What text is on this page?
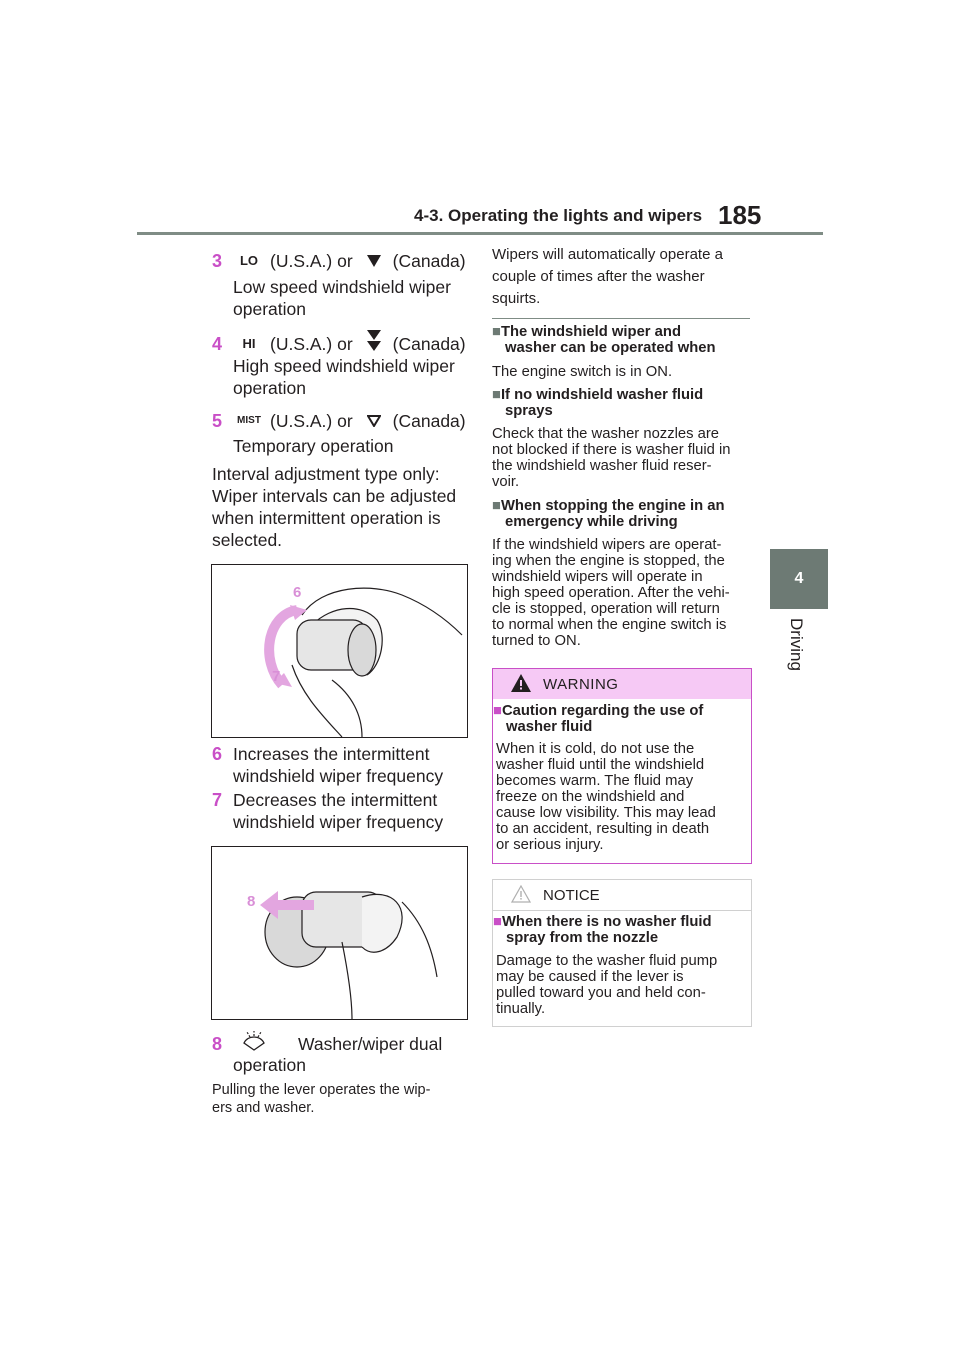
4-3. Operating the lights and wipers 185
4
Driving
3	LO (U.S.A.) or (Canada)
Low speed windshield wiper
operation
4	HI (U.S.A.) or (Canada)
High speed windshield wiper
operation
5	MIST (U.S.A.) or (Canada)
Temporary operation
Interval adjustment type only:
Wiper intervals can be adjusted
when intermittent operation is
selected.
6
7
6 Increases the intermittent
windshield wiper frequency
7 Decreases the intermittent
windshield wiper frequency
8
8	Washer/wiper dual
operation
Pulling the lever operates the wip-
ers and washer.
Wipers will automatically operate a
couple of times after the washer
squirts.
■The windshield wiper and
washer can be operated when
The engine switch is in ON.
■If no windshield washer fluid
sprays
Check that the washer nozzles are
not blocked if there is washer fluid in
the windshield washer fluid reser-
voir.
■When stopping the engine in an
emergency while driving
If the windshield wipers are operat-
ing when the engine is stopped, the
windshield wipers will operate in
high speed operation. After the vehi-
cle is stopped, operation will return
to normal when the engine switch is
turned to ON.
WARNING
■Caution regarding the use of
washer fluid
When it is cold, do not use the
washer fluid until the windshield
becomes warm. The fluid may
freeze on the windshield and
cause low visibility. This may lead
to an accident, resulting in death
or serious injury.
NOTICE
■When there is no washer fluid
spray from the nozzle
Damage to the washer fluid pump
may be caused if the lever is
pulled toward you and held con-
tinually.
